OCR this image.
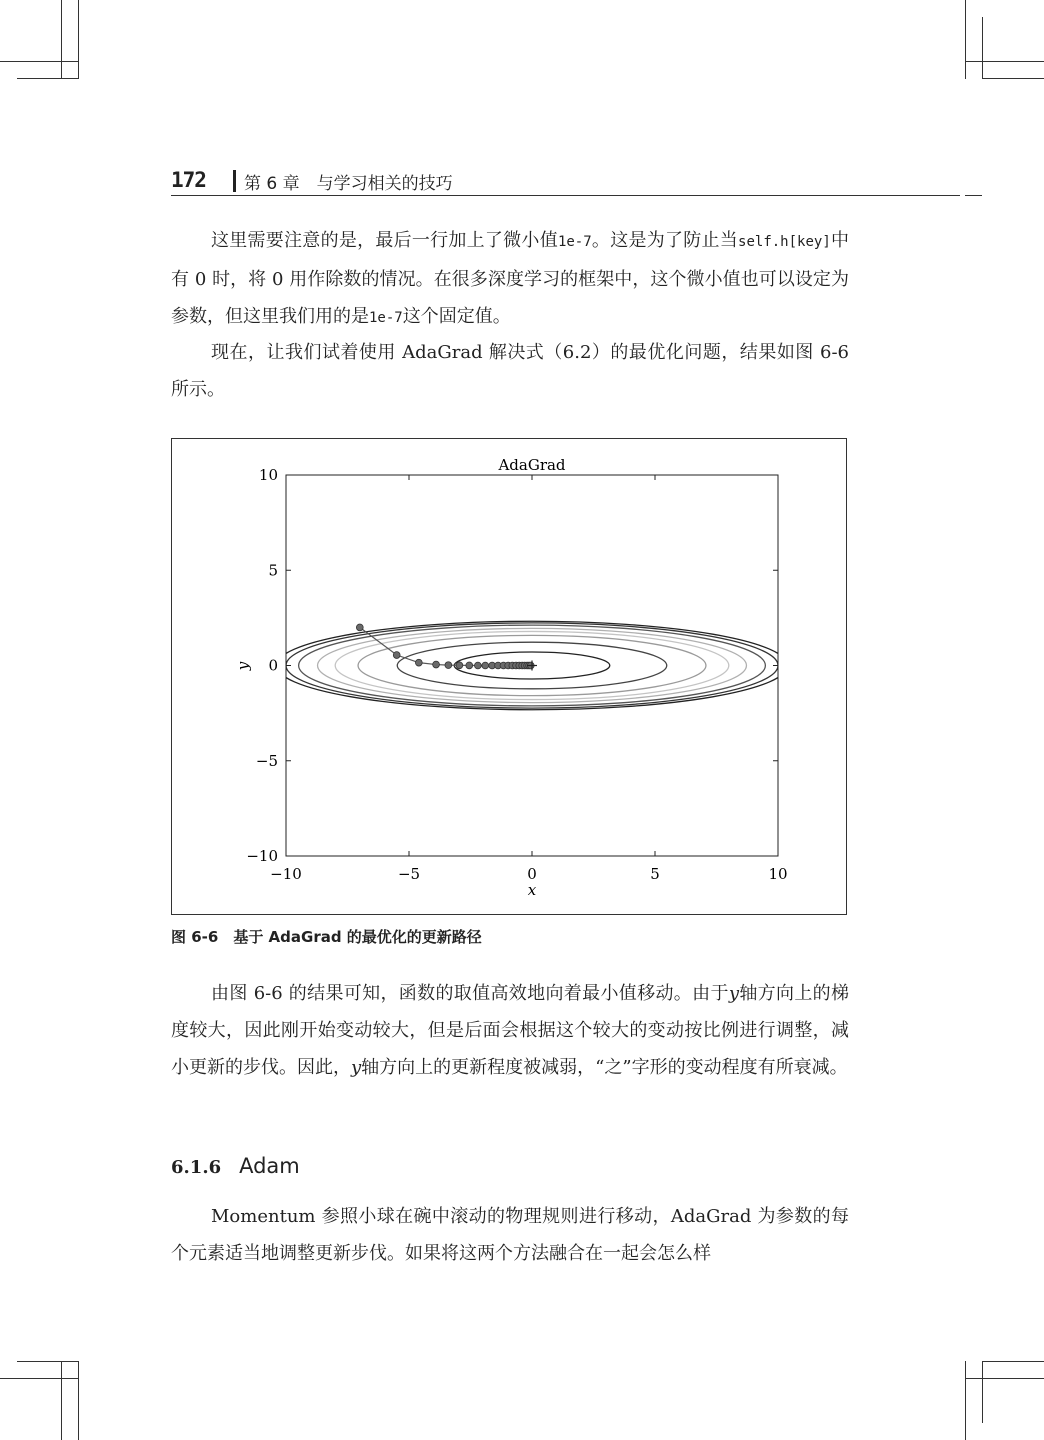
172 第 6 章　与学习相关的技巧

这里需要注意的是，最后一行加上了微小值1e-7。这是为了防止当self.h[key]中有 0 时，将 0 用作除数的情况。在很多深度学习的框架中，这个微小值也可以设定为参数，但这里我们用的是1e-7这个固定值。

现在，让我们试着使用 AdaGrad 解决式（6.2）的最优化问题，结果如图 6-6 所示。

−10	−5	0	5	10
−10
−5
0
5
10
AdaGrad
x
y
图 6-6　基于 AdaGrad 的最优化的更新路径

由图 6-6 的结果可知，函数的取值高效地向着最小值移动。由于y轴方向上的梯度较大，因此刚开始变动较大，但是后面会根据这个较大的变动按比例进行调整，减小更新的步伐。因此，y轴方向上的更新程度被减弱，“之”字形的变动程度有所衰减。

6.1.6 Adam

Momentum 参照小球在碗中滚动的物理规则进行移动，AdaGrad 为参数的每个元素适当地调整更新步伐。如果将这两个方法融合在一起会怎么样
